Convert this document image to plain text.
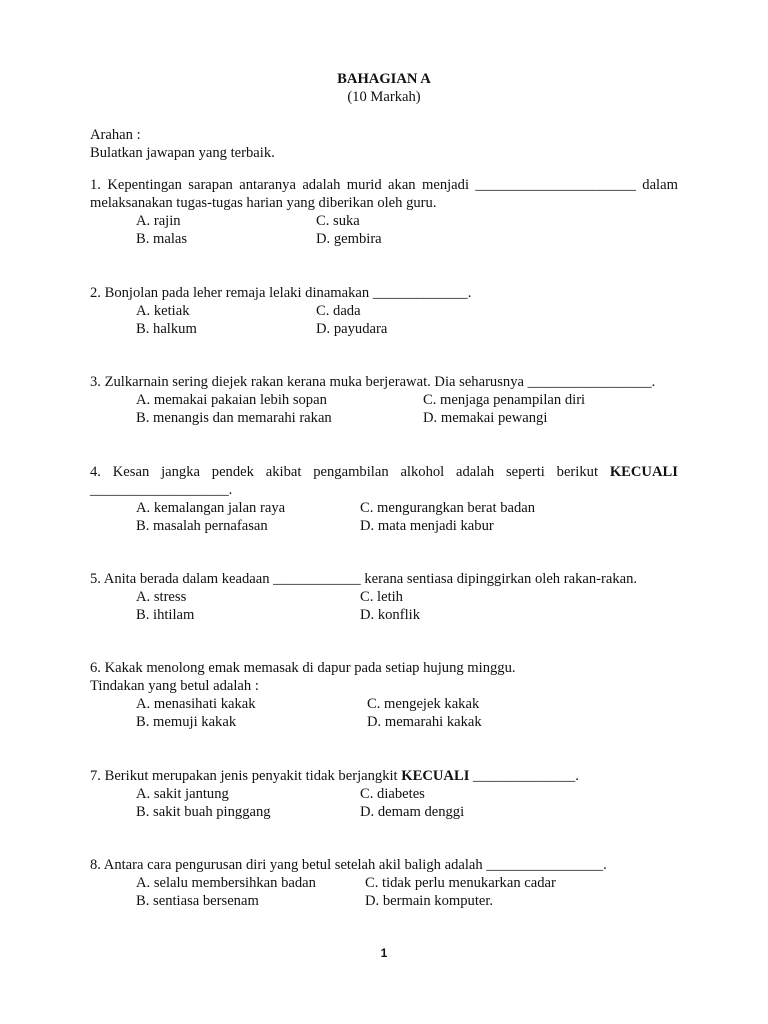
BAHAGIAN A
(10 Markah)
Arahan :
Bulatkan jawapan yang terbaik.
1. Kepentingan sarapan antaranya adalah murid akan menjadi ______________________ dalam
melaksanakan tugas-tugas harian yang diberikan oleh guru.
A. rajin
B. malas
C. suka
D. gembira
2. Bonjolan pada leher remaja lelaki dinamakan _____________.
A. ketiak
B. halkum
C. dada
D. payudara
3. Zulkarnain sering diejek rakan kerana muka berjerawat. Dia seharusnya _________________.
A. memakai pakaian lebih sopan
B. menangis dan memarahi rakan
C. menjaga penampilan diri
D. memakai pewangi
4. Kesan jangka pendek akibat pengambilan alkohol adalah seperti berikut KECUALI
___________________.
A. kemalangan jalan raya
B. masalah pernafasan
C. mengurangkan berat badan
D. mata menjadi kabur
5. Anita berada dalam keadaan ____________ kerana sentiasa dipinggirkan oleh rakan-rakan.
A. stress
B. ihtilam
C. letih
D. konflik
6. Kakak menolong emak memasak di dapur pada setiap hujung minggu.
Tindakan yang betul adalah :
A. menasihati kakak
B. memuji kakak
C. mengejek kakak
D. memarahi kakak
7. Berikut merupakan jenis penyakit tidak berjangkit KECUALI ______________.
A. sakit jantung
B. sakit buah pinggang
C. diabetes
D. demam denggi
8. Antara cara pengurusan diri yang betul setelah akil baligh adalah ________________.
A. selalu membersihkan badan
B. sentiasa bersenam
C. tidak perlu menukarkan cadar
D. bermain komputer.
1
